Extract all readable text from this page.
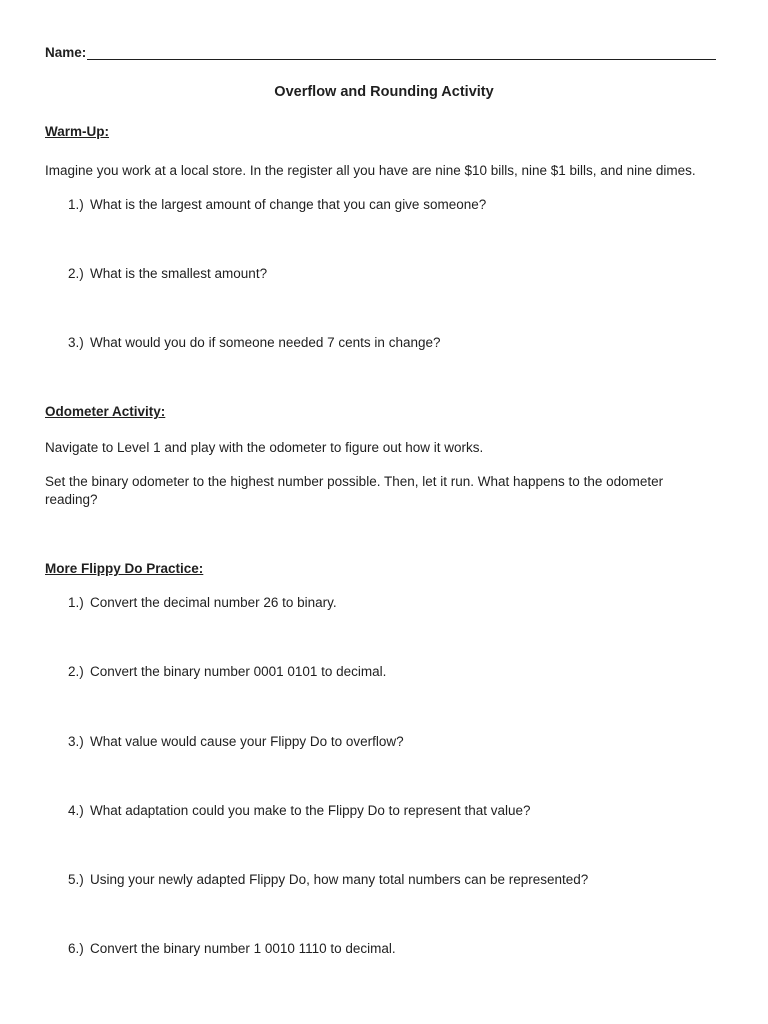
Name:
Overflow and Rounding Activity
Warm-Up:
Imagine you work at a local store. In the register all you have are nine $10 bills, nine $1 bills, and nine dimes.
1.) What is the largest amount of change that you can give someone?
2.) What is the smallest amount?
3.) What would you do if someone needed 7 cents in change?
Odometer Activity:
Navigate to Level 1 and play with the odometer to figure out how it works.
Set the binary odometer to the highest number possible. Then, let it run. What happens to the odometer reading?
More Flippy Do Practice:
1.) Convert the decimal number 26 to binary.
2.) Convert the binary number 0001 0101 to decimal.
3.) What value would cause your Flippy Do to overflow?
4.) What adaptation could you make to the Flippy Do to represent that value?
5.) Using your newly adapted Flippy Do, how many total numbers can be represented?
6.) Convert the binary number 1 0010 1110 to decimal.
